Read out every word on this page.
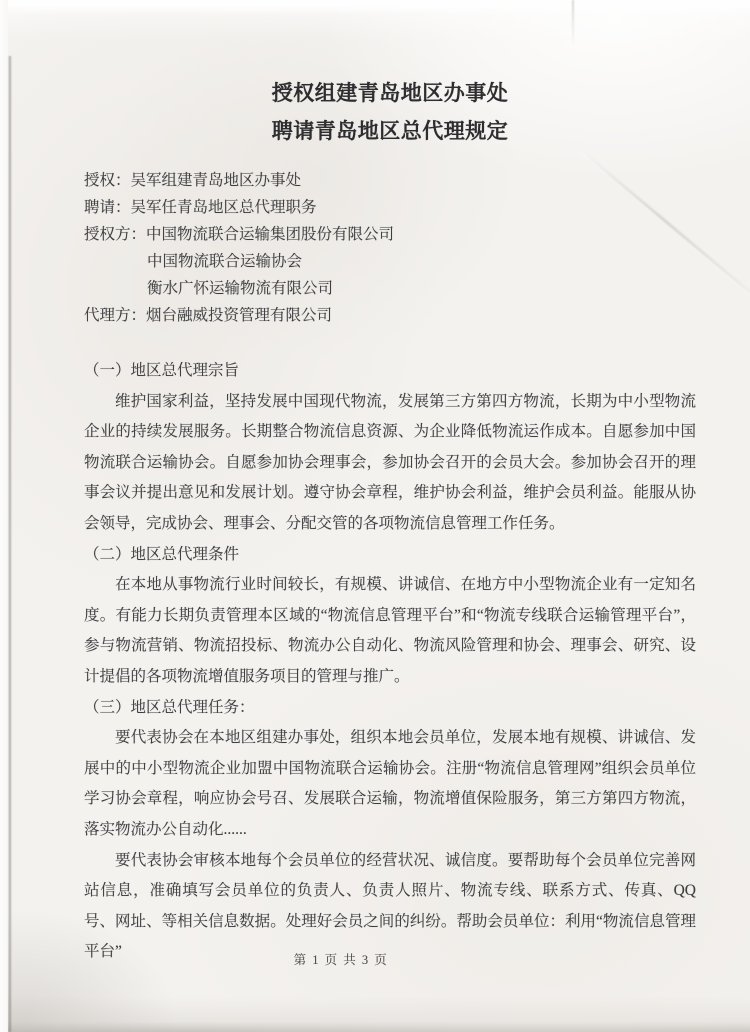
授权组建青岛地区办事处
聘请青岛地区总代理规定
授权：吴军组建青岛地区办事处
聘请：吴军任青岛地区总代理职务
授权方：中国物流联合运输集团股份有限公司
中国物流联合运输协会
衡水广怀运输物流有限公司
代理方：烟台融威投资管理有限公司
（一）地区总代理宗旨
维护国家利益，坚持发展中国现代物流，发展第三方第四方物流，长期为中小型物流企业的持续发展服务。长期整合物流信息资源、为企业降低物流运作成本。自愿参加中国物流联合运输协会。自愿参加协会理事会，参加协会召开的会员大会。参加协会召开的理事会议并提出意见和发展计划。遵守协会章程，维护协会利益，维护会员利益。能服从协会领导，完成协会、理事会、分配交管的各项物流信息管理工作任务。
（二）地区总代理条件
在本地从事物流行业时间较长，有规模、讲诚信、在地方中小型物流企业有一定知名度。有能力长期负责管理本区域的“物流信息管理平台”和“物流专线联合运输管理平台”，参与物流营销、物流招投标、物流办公自动化、物流风险管理和协会、理事会、研究、设计提倡的各项物流增值服务项目的管理与推广。
（三）地区总代理任务：
要代表协会在本地区组建办事处，组织本地会员单位，发展本地有规模、讲诚信、发展中的中小型物流企业加盟中国物流联合运输协会。注册“物流信息管理网”组织会员单位学习协会章程，响应协会号召、发展联合运输，物流增值保险服务，第三方第四方物流，落实物流办公自动化......
要代表协会审核本地每个会员单位的经营状况、诚信度。要帮助每个会员单位完善网站信息，准确填写会员单位的负责人、负责人照片、物流专线、联系方式、传真、QQ 号、网址、等相关信息数据。处理好会员之间的纠纷。帮助会员单位：利用“物流信息管理平台”	第 1 页 共 3 页
